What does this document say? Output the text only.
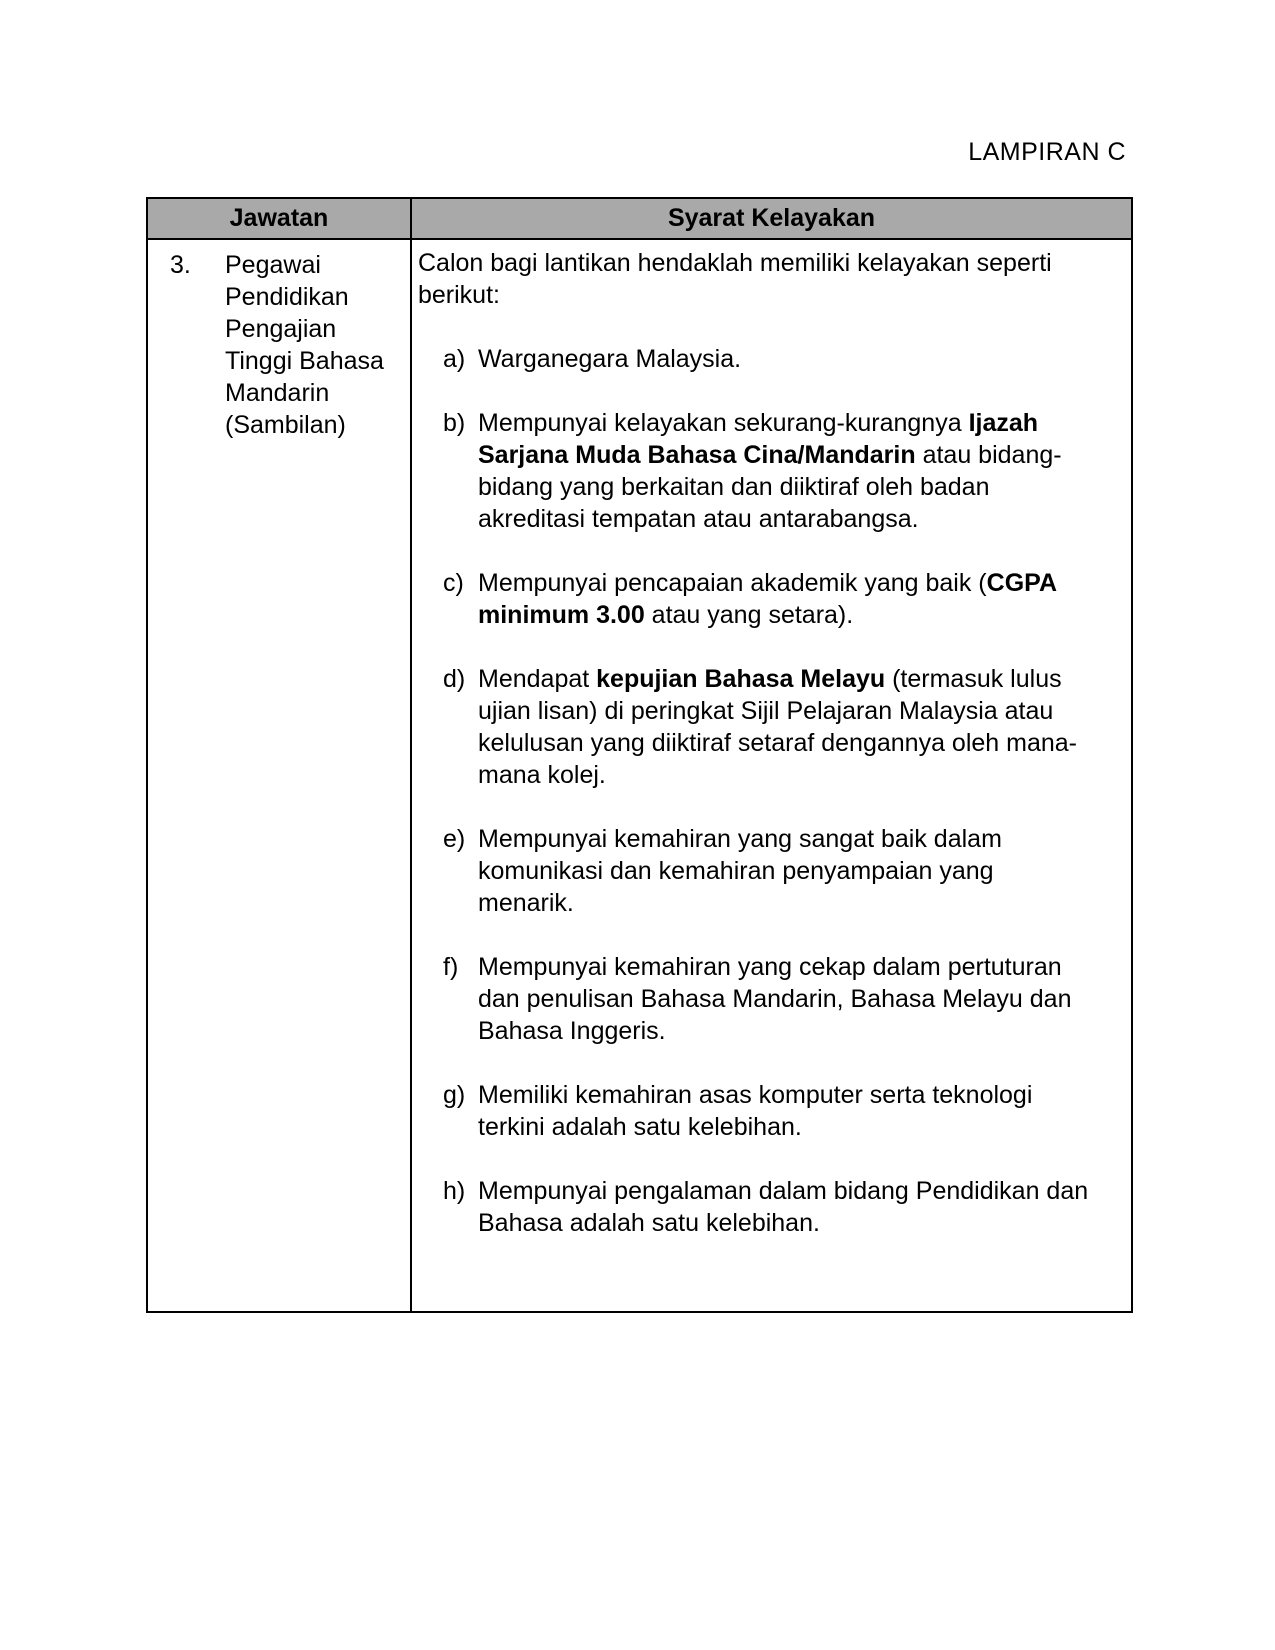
LAMPIRAN C
Jawatan	Syarat Kelayakan

3.	Pegawai Pendidikan Pengajian Tinggi Bahasa Mandarin (Sambilan)

Calon bagi lantikan hendaklah memiliki kelayakan seperti berikut:
a) Warganegara Malaysia.
b) Mempunyai kelayakan sekurang-kurangnya Ijazah Sarjana Muda Bahasa Cina/Mandarin atau bidang-bidang yang berkaitan dan diiktiraf oleh badan akreditasi tempatan atau antarabangsa.
c) Mempunyai pencapaian akademik yang baik (CGPA minimum 3.00 atau yang setara).
d) Mendapat kepujian Bahasa Melayu (termasuk lulus ujian lisan) di peringkat Sijil Pelajaran Malaysia atau kelulusan yang diiktiraf setaraf dengannya oleh mana-mana kolej.
e) Mempunyai kemahiran yang sangat baik dalam komunikasi dan kemahiran penyampaian yang menarik.
f) Mempunyai kemahiran yang cekap dalam pertuturan dan penulisan Bahasa Mandarin, Bahasa Melayu dan Bahasa Inggeris.
g) Memiliki kemahiran asas komputer serta teknologi terkini adalah satu kelebihan.
h) Mempunyai pengalaman dalam bidang Pendidikan dan Bahasa adalah satu kelebihan.
